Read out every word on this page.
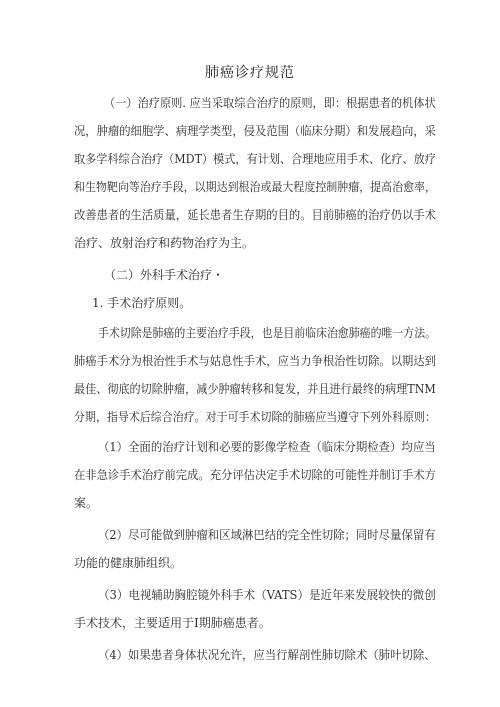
肺癌诊疗规范
（一）治疗原则. 应当采取综合治疗的原则，即：根据患者的机体状
况，肿瘤的细胞学、病理学类型，侵及范围（临床分期）和发展趋向，采
取多学科综合治疗（MDT）模式，有计划、合理地应用手术、化疗、放疗
和生物靶向等治疗手段，以期达到根治或最大程度控制肿瘤，提高治愈率，
改善患者的生活质量，延长患者生存期的目的。目前肺癌的治疗仍以手术
治疗、放射治疗和药物治疗为主。
（二）外科手术治疗・
1. 手术治疗原则。
手术切除是肺癌的主要治疗手段，也是目前临床治愈肺癌的唯一方法。
肺癌手术分为根治性手术与姑息性手术，应当力争根治性切除。以期达到
最佳、彻底的切除肿瘤，减少肿瘤转移和复发，并且进行最终的病理TNM
分期，指导术后综合治疗。对于可手术切除的肺癌应当遵守下列外科原则：
（1）全面的治疗计划和必要的影像学检查（临床分期检查）均应当
在非急诊手术治疗前完成。充分评估决定手术切除的可能性并制订手术方
案。
（2）尽可能做到肿瘤和区域淋巴结的完全性切除；同时尽量保留有
功能的健康肺组织。
（3）电视辅助胸腔镜外科手术（VATS）是近年来发展较快的微创
手术技术，主要适用于I期肺癌患者。
（4）如果患者身体状况允许，应当行解剖性肺切除术（肺叶切除、
